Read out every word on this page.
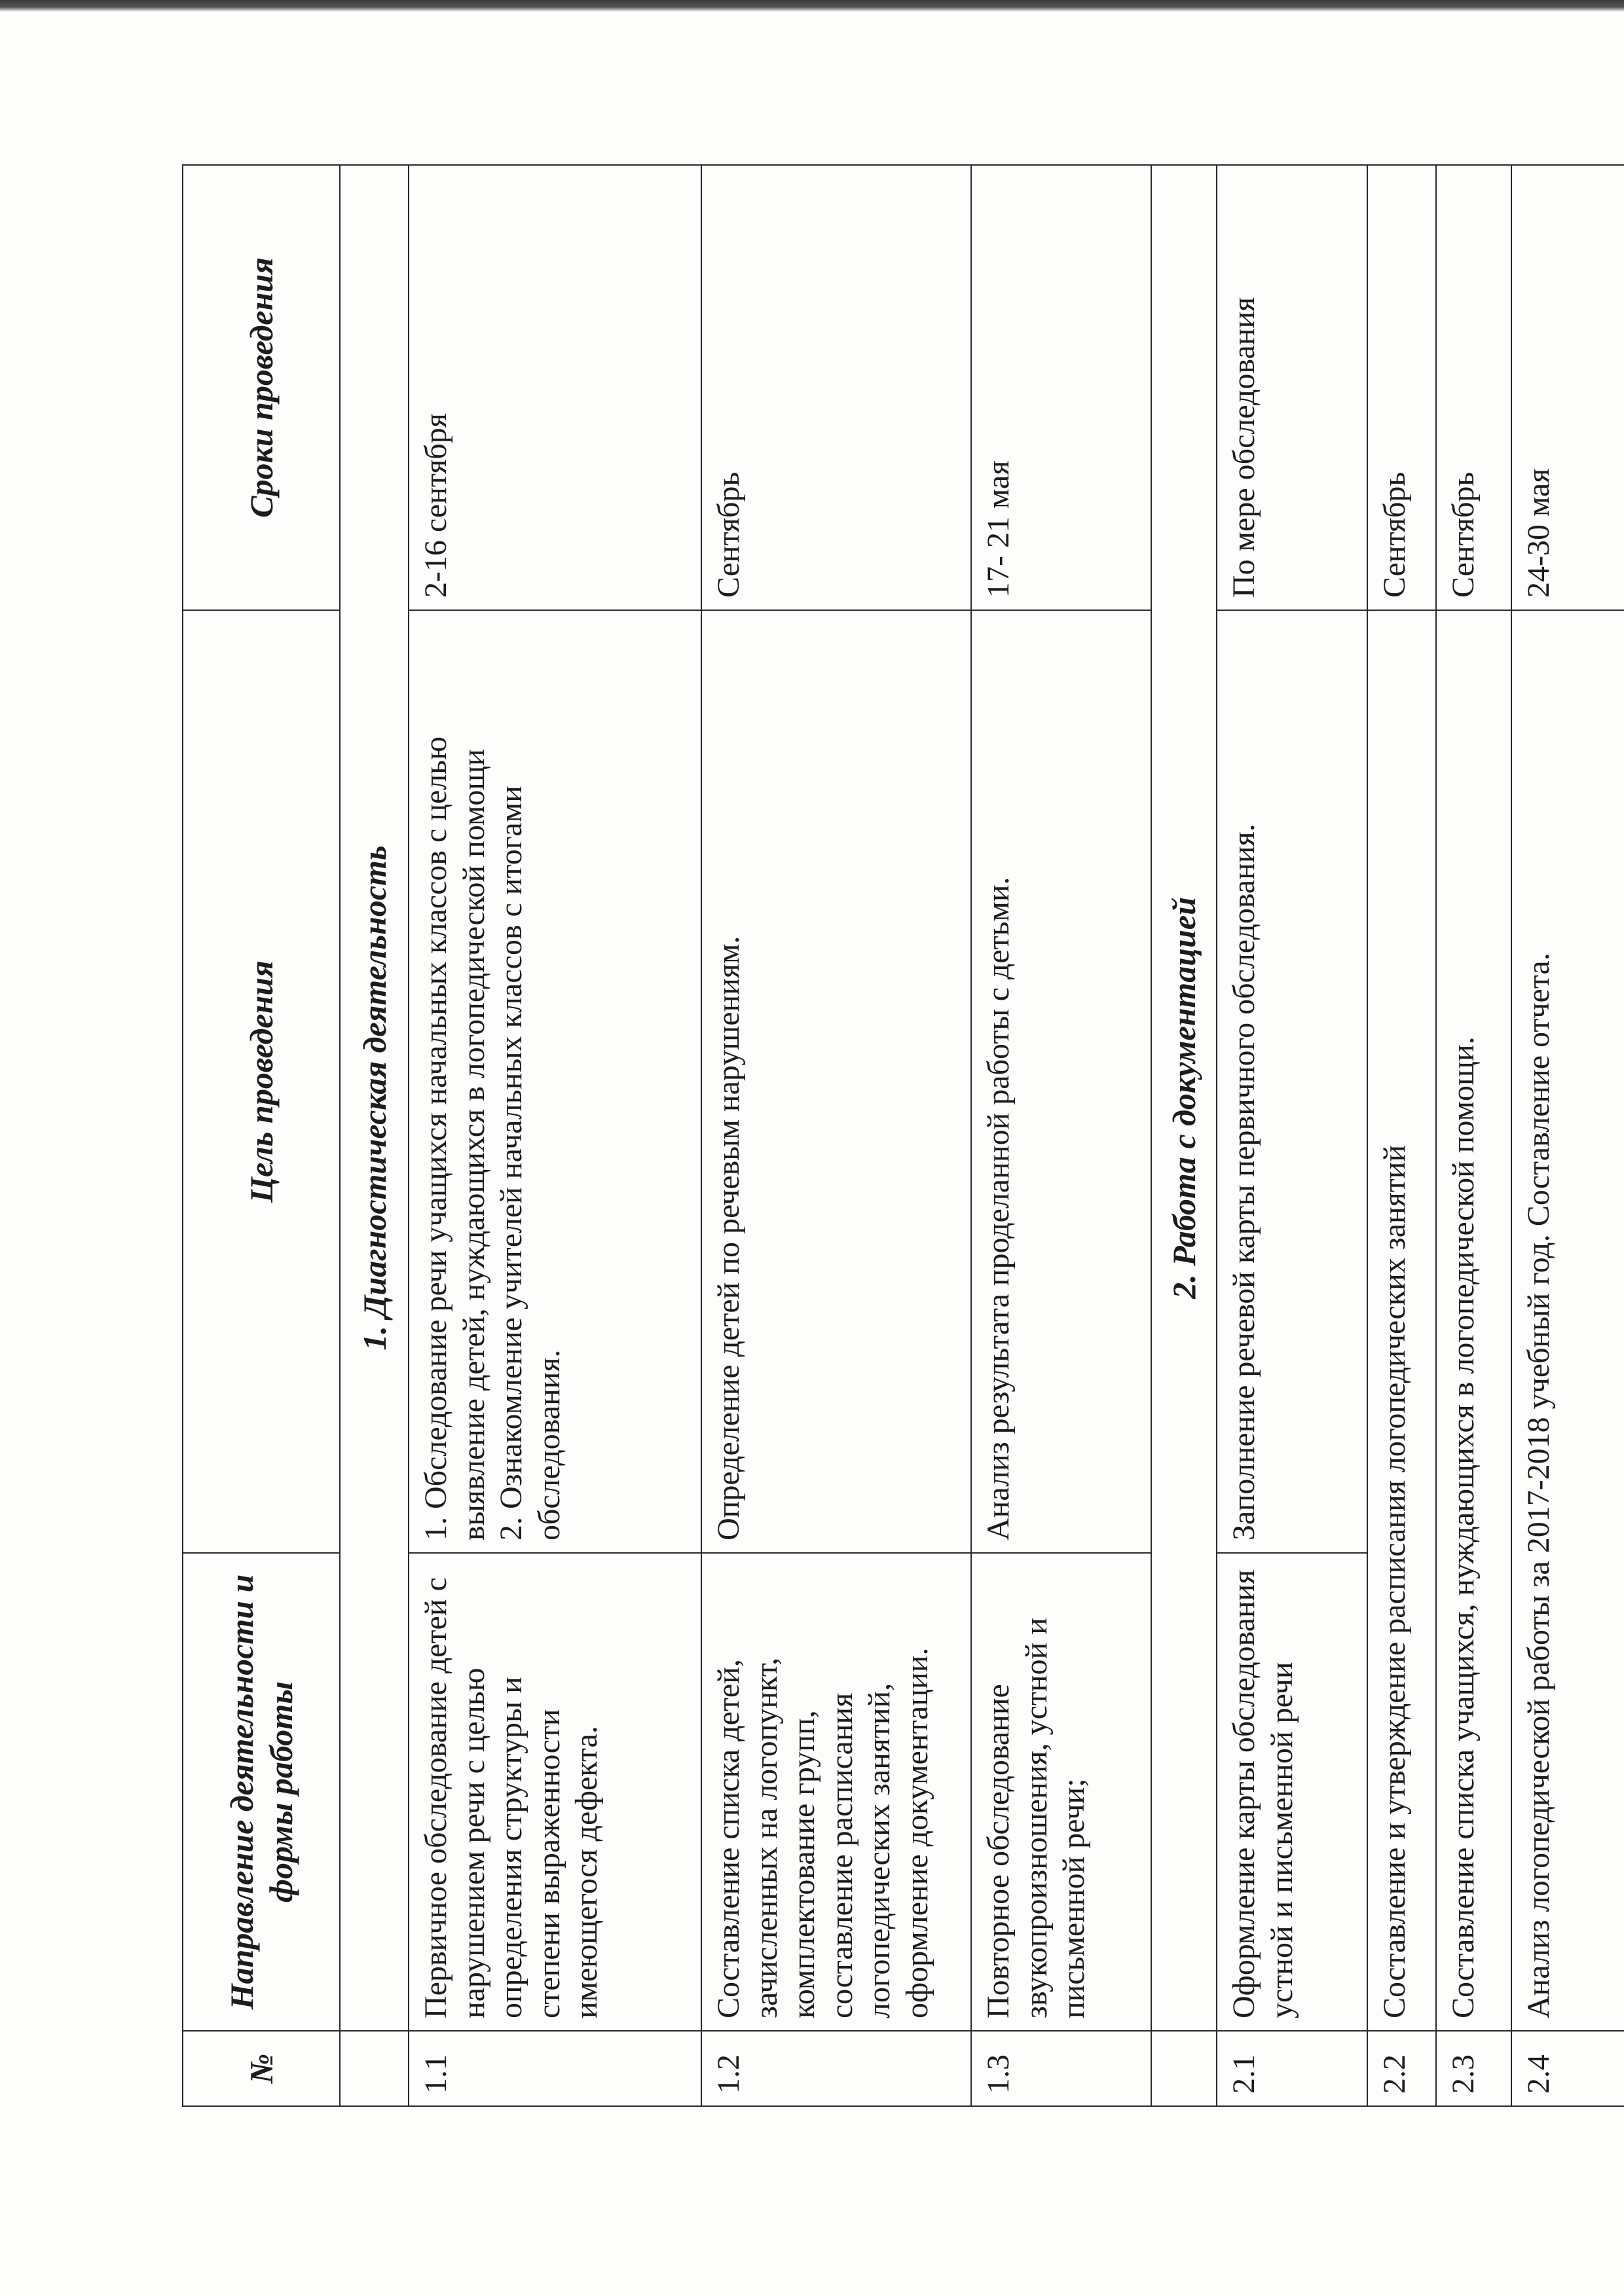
№	Направление деятельности и формы работы	Цель проведения	Сроки проведения
	1. Диагностическая деятельность		
1.1	Первичное обследование детей с нарушением речи с целью определения структуры и степени выраженности имеющегося дефекта.	1. Обследование речи учащихся начальных классов с целью выявление детей, нуждающихся в логопедической помощи 2. Ознакомление учителей начальных классов с итогами обследования.	2-16 сентября
1.2	Составление списка детей, зачисленных на логопункт, комплектование групп, составление расписания логопедических занятий, оформление документации.	Определение детей по речевым нарушениям.	Сентябрь
1.3	Повторное обследование звукопроизношения, устной и письменной речи;	Анализ результата проделанной работы с детьми.	17- 21 мая
	2. Работа с документацией		
2.1	Оформление карты обследования устной и письменной речи	Заполнение речевой карты первичного обследования.	По мере обследования
2.2	Составление и утверждение расписания логопедических занятий		Сентябрь
2.3	Составление списка учащихся, нуждающихся в логопедической помощи.		Сентябрь
2.4	Анализ логопедической работы за 2017-2018 учебный год. Составление отчета.		24-30 мая
